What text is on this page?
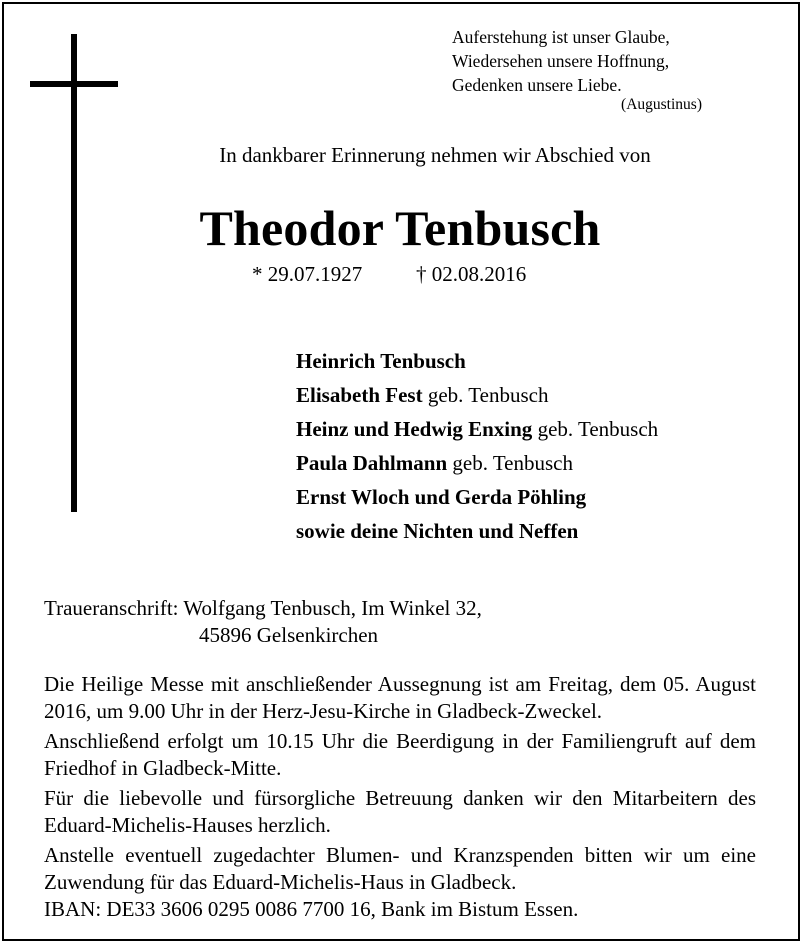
Auferstehung ist unser Glaube,
Wiedersehen unsere Hoffnung,
Gedenken unsere Liebe.
(Augustinus)
In dankbarer Erinnerung nehmen wir Abschied von
Theodor Tenbusch
* 29.07.1927	† 02.08.2016
Heinrich Tenbusch
Elisabeth Fest geb. Tenbusch
Heinz und Hedwig Enxing geb. Tenbusch
Paula Dahlmann geb. Tenbusch
Ernst Wloch und Gerda Pöhling
sowie deine Nichten und Neffen
Traueranschrift: Wolfgang Tenbusch, Im Winkel 32,
45896 Gelsenkirchen

Die Heilige Messe mit anschließender Aussegnung ist am Freitag, dem 05. August 2016, um 9.00 Uhr in der Herz-Jesu-Kirche in Gladbeck-Zweckel.

Anschließend erfolgt um 10.15 Uhr die Beerdigung in der Familiengruft auf dem Friedhof in Gladbeck-Mitte.

Für die liebevolle und fürsorgliche Betreuung danken wir den Mitarbeitern des Eduard-Michelis-Hauses herzlich.

Anstelle eventuell zugedachter Blumen- und Kranzspenden bitten wir um eine Zuwendung für das Eduard-Michelis-Haus in Gladbeck.

IBAN: DE33 3606 0295 0086 7700 16, Bank im Bistum Essen.
